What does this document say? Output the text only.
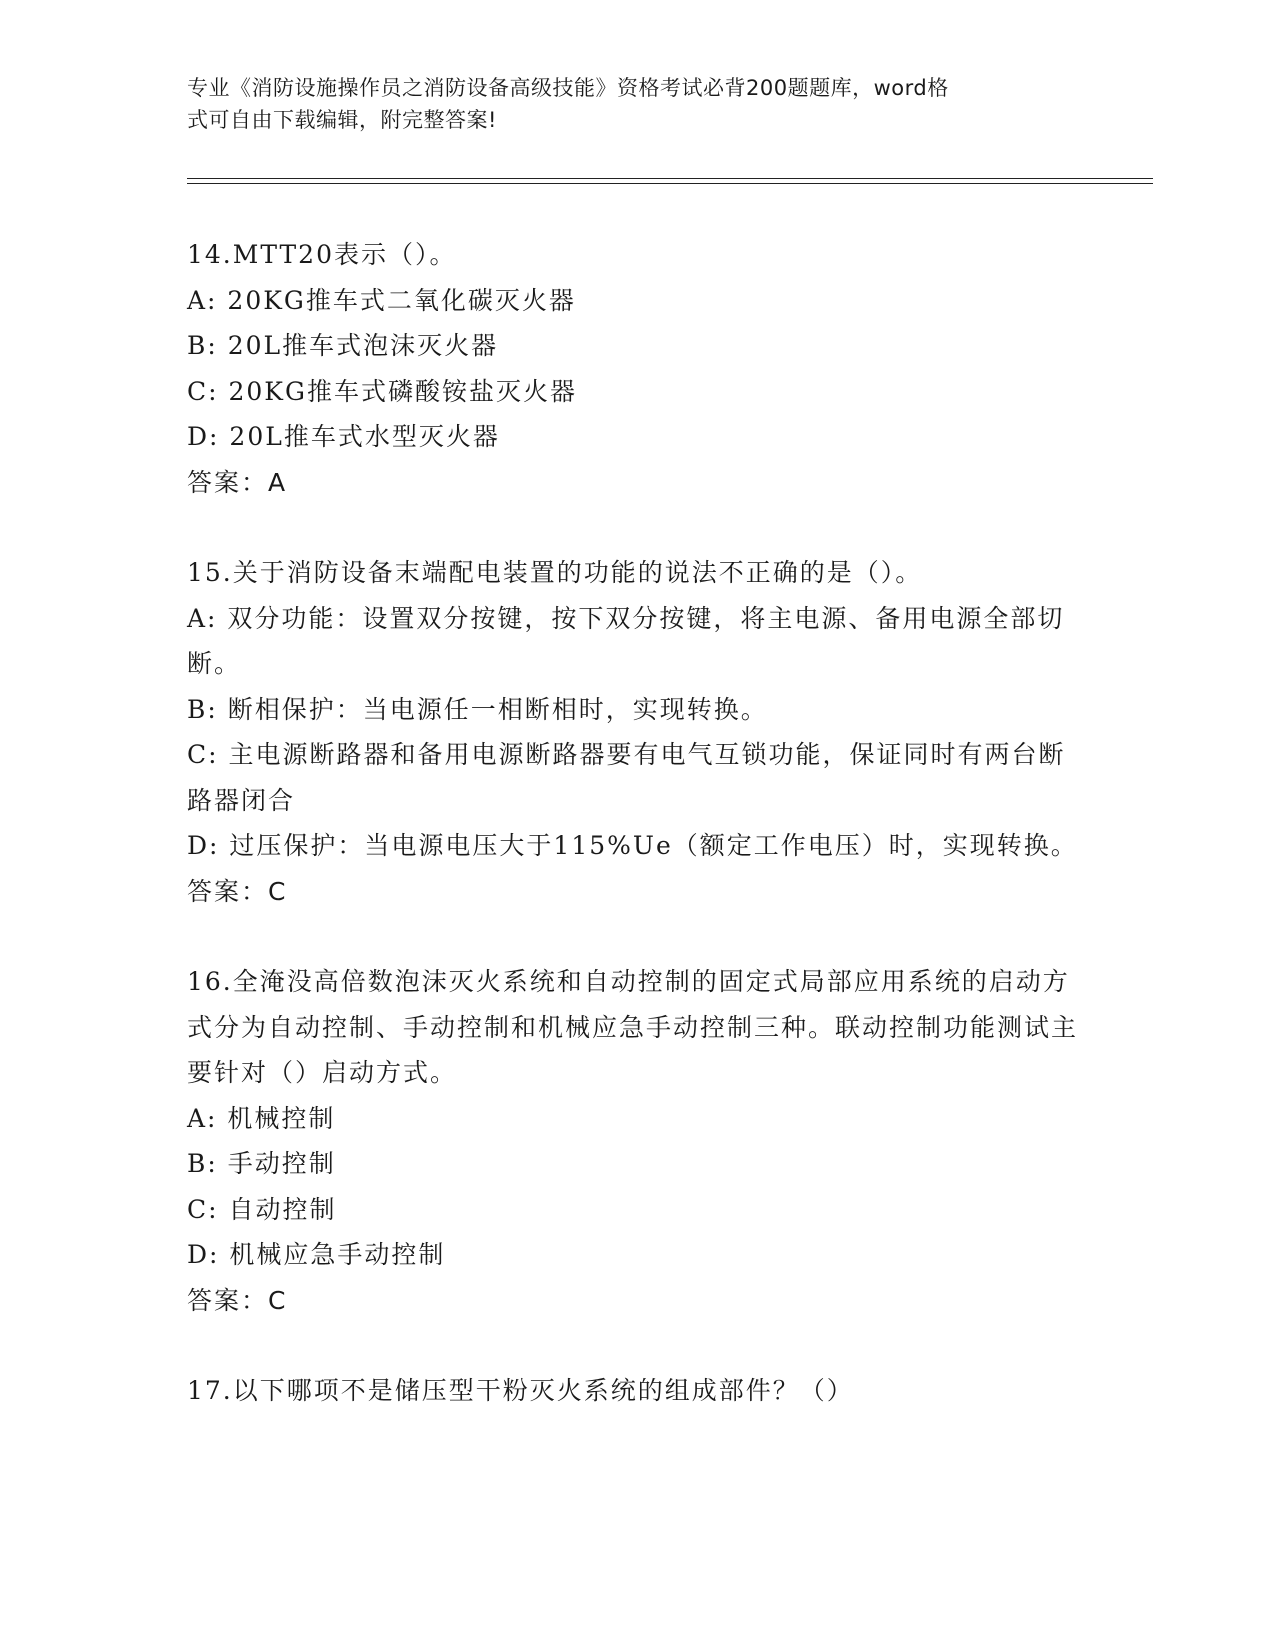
专业《消防设施操作员之消防设备高级技能》资格考试必背200题题库，word格
式可自由下载编辑，附完整答案!

14.MTT20表示（）。

A: 20KG推车式二氧化碳灭火器

B: 20L推车式泡沫灭火器

C: 20KG推车式磷酸铵盐灭火器

D: 20L推车式水型灭火器

答案：A

15.关于消防设备末端配电装置的功能的说法不正确的是（）。

A: 双分功能：设置双分按键，按下双分按键，将主电源、备用电源全部切断。

B: 断相保护：当电源任一相断相时，实现转换。

C: 主电源断路器和备用电源断路器要有电气互锁功能，保证同时有两台断路器闭合

D: 过压保护：当电源电压大于115%Ue（额定工作电压）时，实现转换。

答案：C

16.全淹没高倍数泡沫灭火系统和自动控制的固定式局部应用系统的启动方式分为自动控制、手动控制和机械应急手动控制三种。联动控制功能测试主要针对（）启动方式。

A: 机械控制

B: 手动控制

C: 自动控制

D: 机械应急手动控制

答案：C

17.以下哪项不是储压型干粉灭火系统的组成部件？（）
